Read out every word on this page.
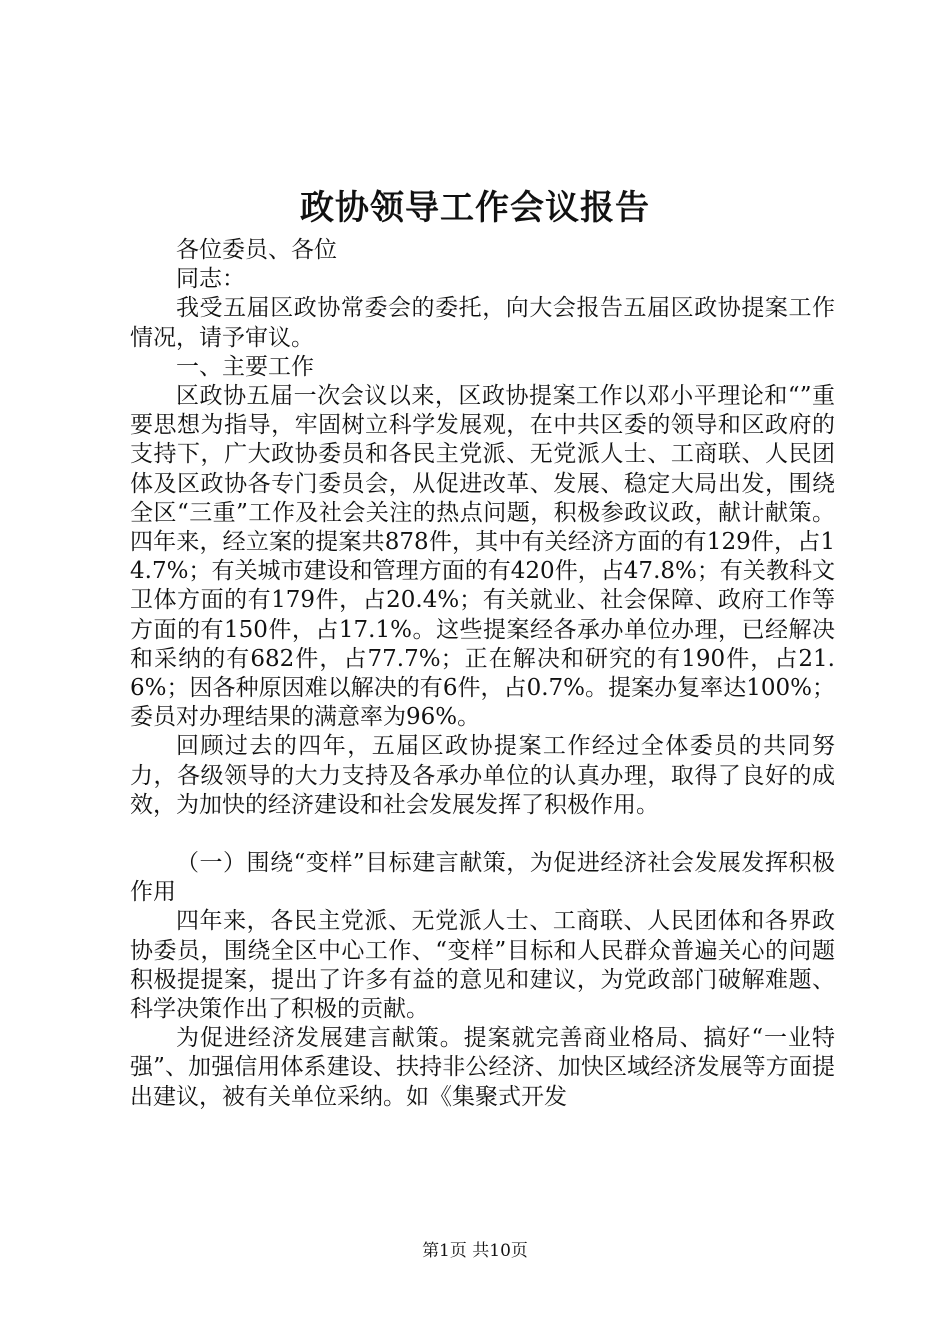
政协领导工作会议报告

各位委员、各位

同志：

我受五届区政协常委会的委托，向大会报告五届区政协提案工作情况，请予审议。

一、主要工作

区政协五届一次会议以来，区政协提案工作以邓小平理论和“”重要思想为指导，牢固树立科学发展观，在中共区委的领导和区政府的支持下，广大政协委员和各民主党派、无党派人士、工商联、人民团体及区政协各专门委员会，从促进改革、发展、稳定大局出发，围绕全区“三重”工作及社会关注的热点问题，积极参政议政，献计献策。四年来，经立案的提案共878件，其中有关经济方面的有129件，占14.7%；有关城市建设和管理方面的有420件，占47.8%；有关教科文卫体方面的有179件，占20.4%；有关就业、社会保障、政府工作等方面的有150件，占17.1%。这些提案经各承办单位办理，已经解决和采纳的有682件，占77.7%；正在解决和研究的有190件，占21.6%；因各种原因难以解决的有6件，占0.7%。提案办复率达100%；委员对办理结果的满意率为96%。

回顾过去的四年，五届区政协提案工作经过全体委员的共同努力，各级领导的大力支持及各承办单位的认真办理，取得了良好的成效，为加快的经济建设和社会发展发挥了积极作用。

（一）围绕“变样”目标建言献策，为促进经济社会发展发挥积极作用

四年来，各民主党派、无党派人士、工商联、人民团体和各界政协委员，围绕全区中心工作、“变样”目标和人民群众普遍关心的问题积极提提案，提出了许多有益的意见和建议，为党政部门破解难题、科学决策作出了积极的贡献。

为促进经济发展建言献策。提案就完善商业格局、搞好“一业特强”、加强信用体系建设、扶持非公经济、加快区域经济发展等方面提出建议，被有关单位采纳。如《集聚式开发

第1页 共10页
